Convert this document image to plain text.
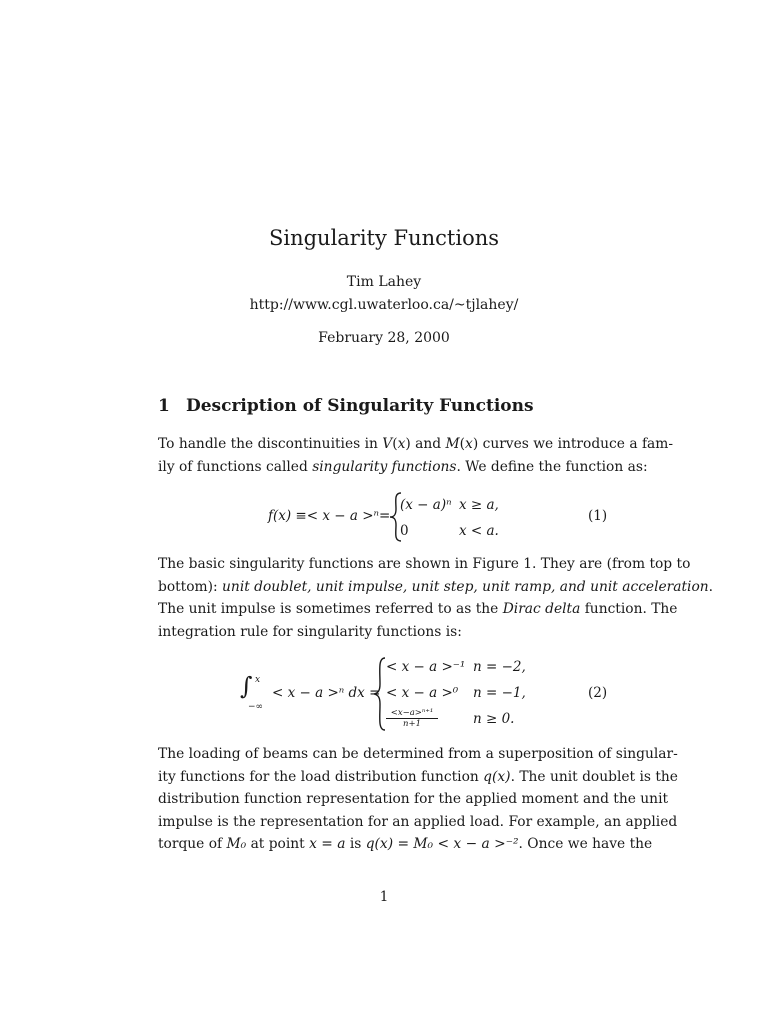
Singularity Functions
Tim Lahey
http://www.cgl.uwaterloo.ca/~tjlahey/
February 28, 2000
1 Description of Singularity Functions
To handle the discontinuities in V(x) and M(x) curves we introduce a fam-
ily of functions called singularity functions. We define the function as:
f(x) ≡< x − a >ⁿ=
(x − a)ⁿ x ≥ a,
0	x < a.
(1)
The basic singularity functions are shown in Figure 1. They are (from top to
bottom): unit doublet, unit impulse, unit step, unit ramp, and unit acceleration.
The unit impulse is sometimes referred to as the Dirac delta function. The
integration rule for singularity functions is:
∫ x
−∞
< x − a >ⁿ dx =
< x − a >⁻¹ n = −2,
< x − a >⁰ n = −1,
$\frac{\text{<x−a>ⁿ⁺¹}}{n+1}$	n ≥ 0.
(2)
The loading of beams can be determined from a superposition of singular-
ity functions for the load distribution function q(x). The unit doublet is the
distribution function representation for the applied moment and the unit
impulse is the representation for an applied load. For example, an applied
torque of M₀ at point x = a is q(x) = M₀ < x − a >⁻². Once we have the
1
